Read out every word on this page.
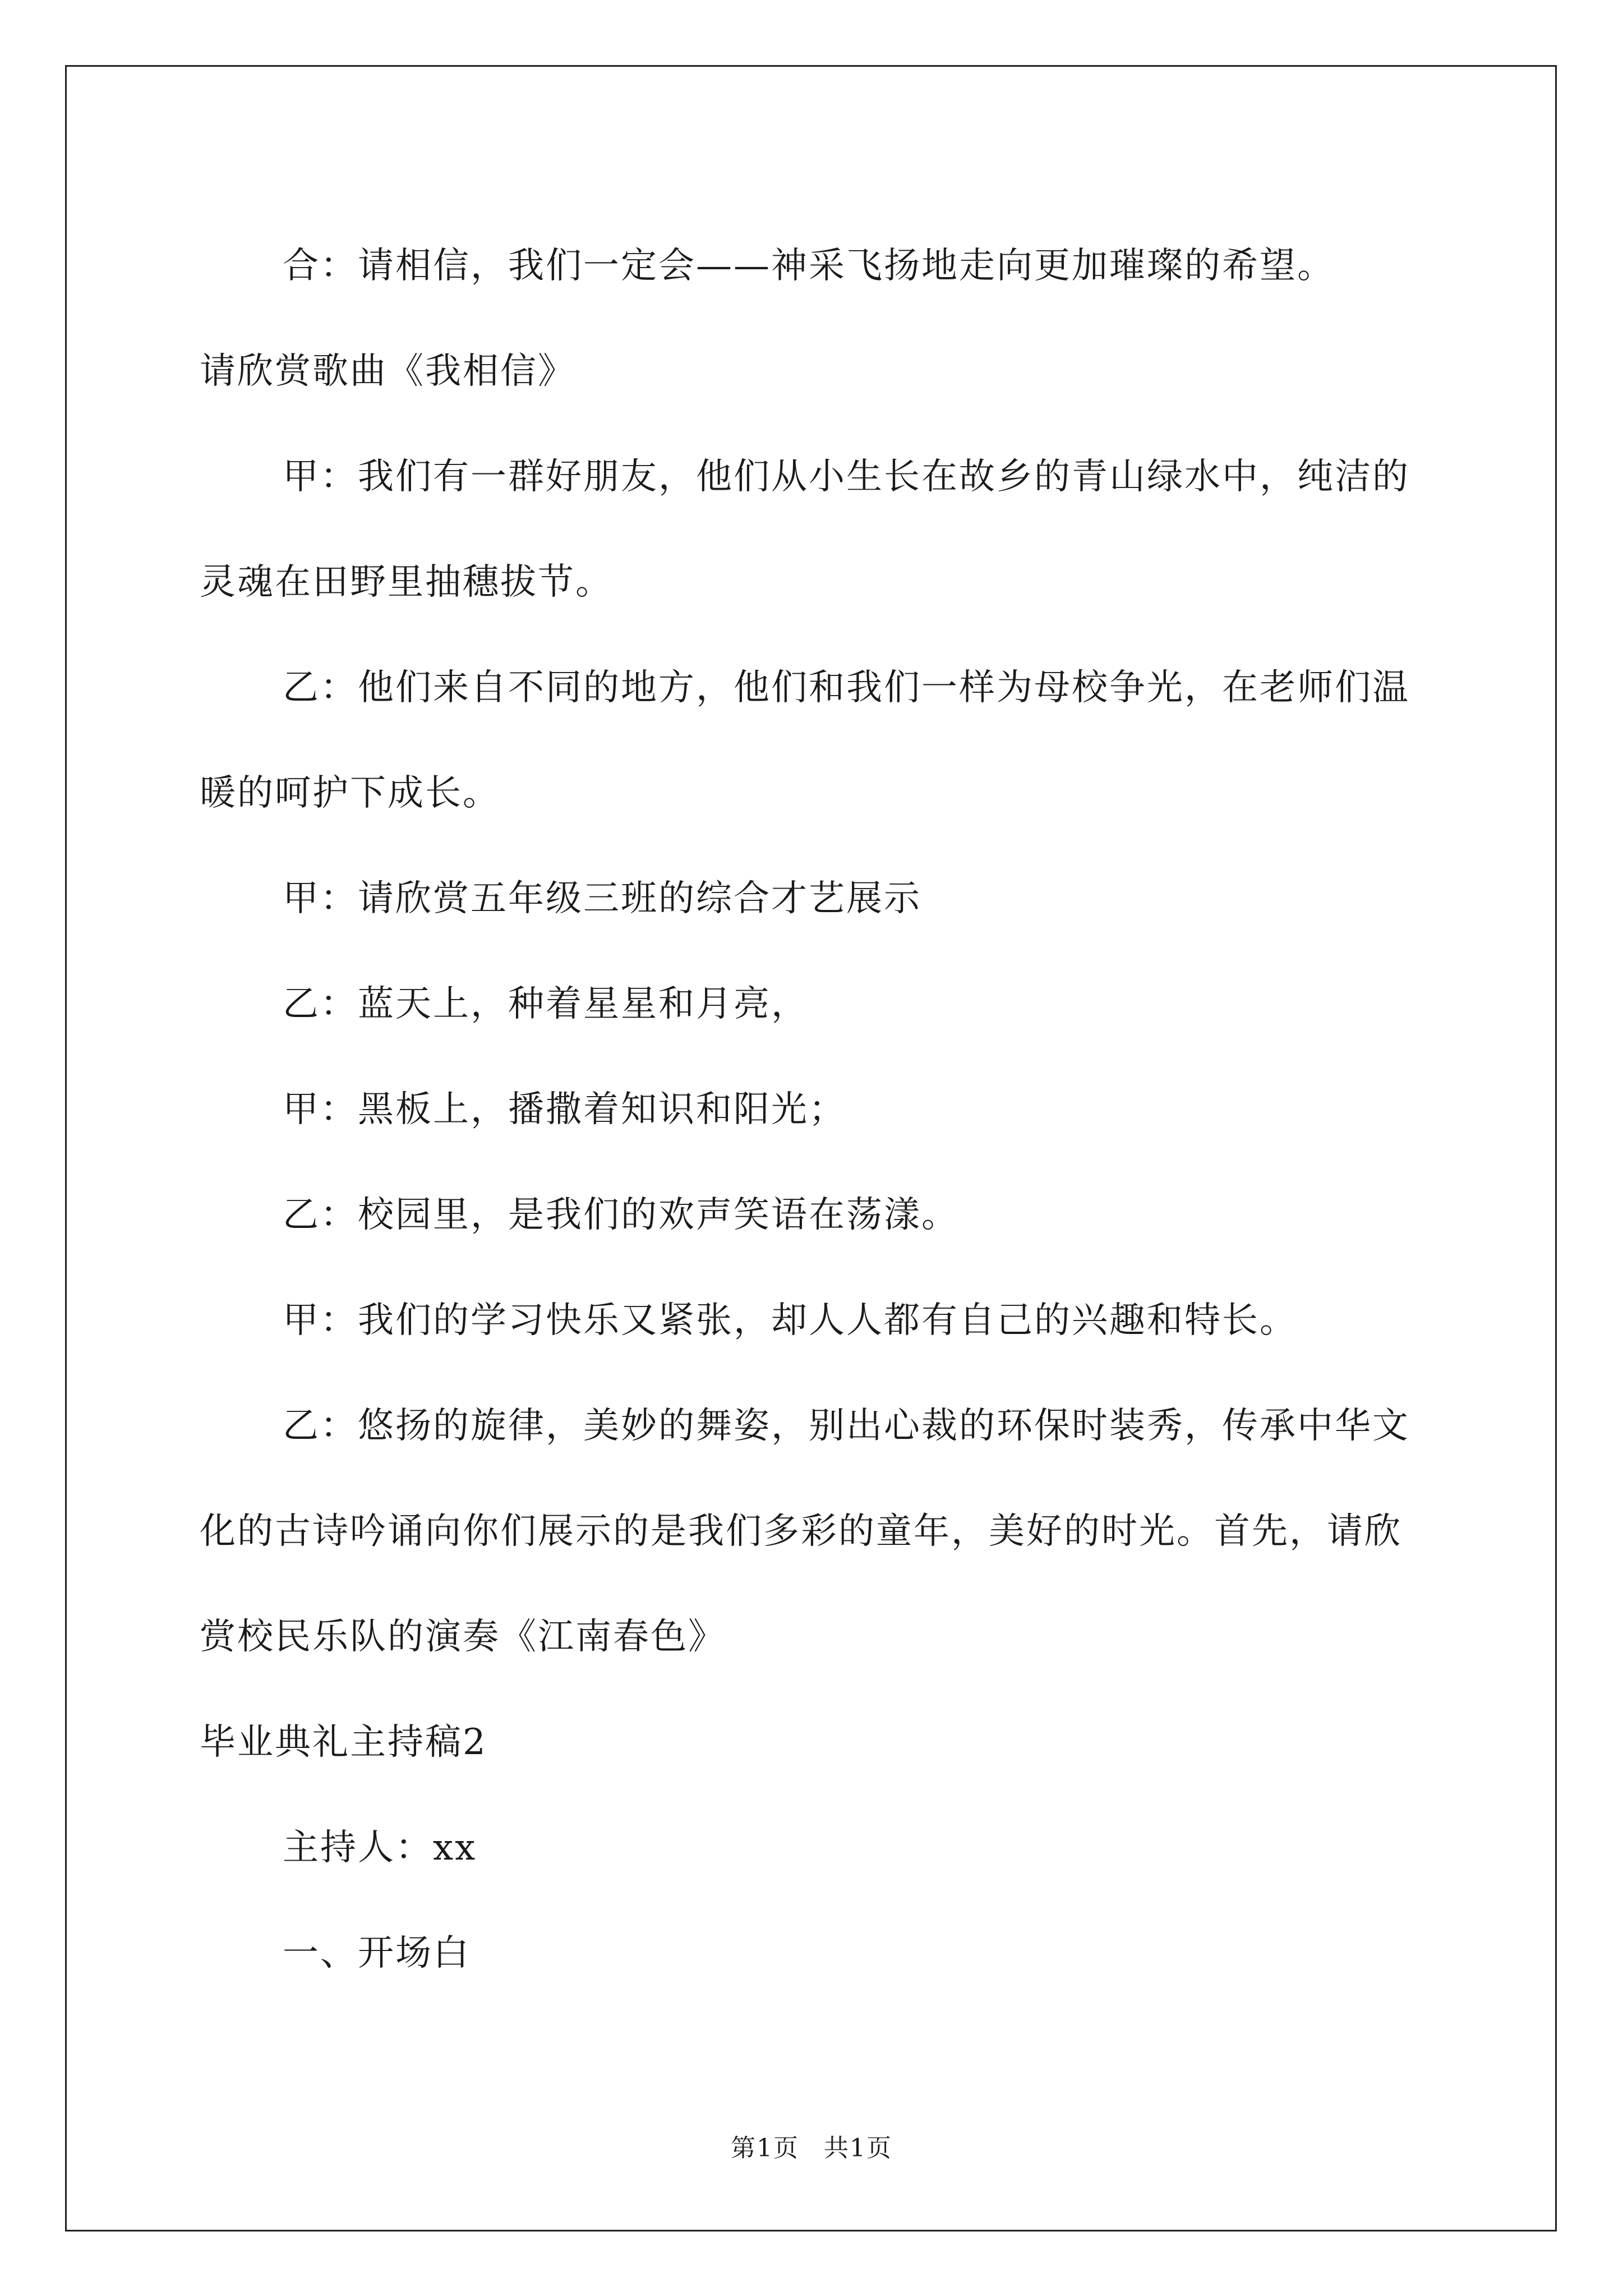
合：请相信，我们一定会——神采飞扬地走向更加璀璨的希望。

请欣赏歌曲《我相信》

甲：我们有一群好朋友，他们从小生长在故乡的青山绿水中，纯洁的灵魂在田野里抽穗拔节。

乙：他们来自不同的地方，他们和我们一样为母校争光，在老师们温暖的呵护下成长。

甲：请欣赏五年级三班的综合才艺展示

乙：蓝天上，种着星星和月亮，

甲：黑板上，播撒着知识和阳光；

乙：校园里，是我们的欢声笑语在荡漾。

甲：我们的学习快乐又紧张，却人人都有自己的兴趣和特长。

乙：悠扬的旋律，美妙的舞姿，别出心裁的环保时装秀，传承中华文化的古诗吟诵向你们展示的是我们多彩的童年，美好的时光。首先，请欣赏校民乐队的演奏《江南春色》

毕业典礼主持稿2

主持人：xx

一、开场白

第1页 共1页
